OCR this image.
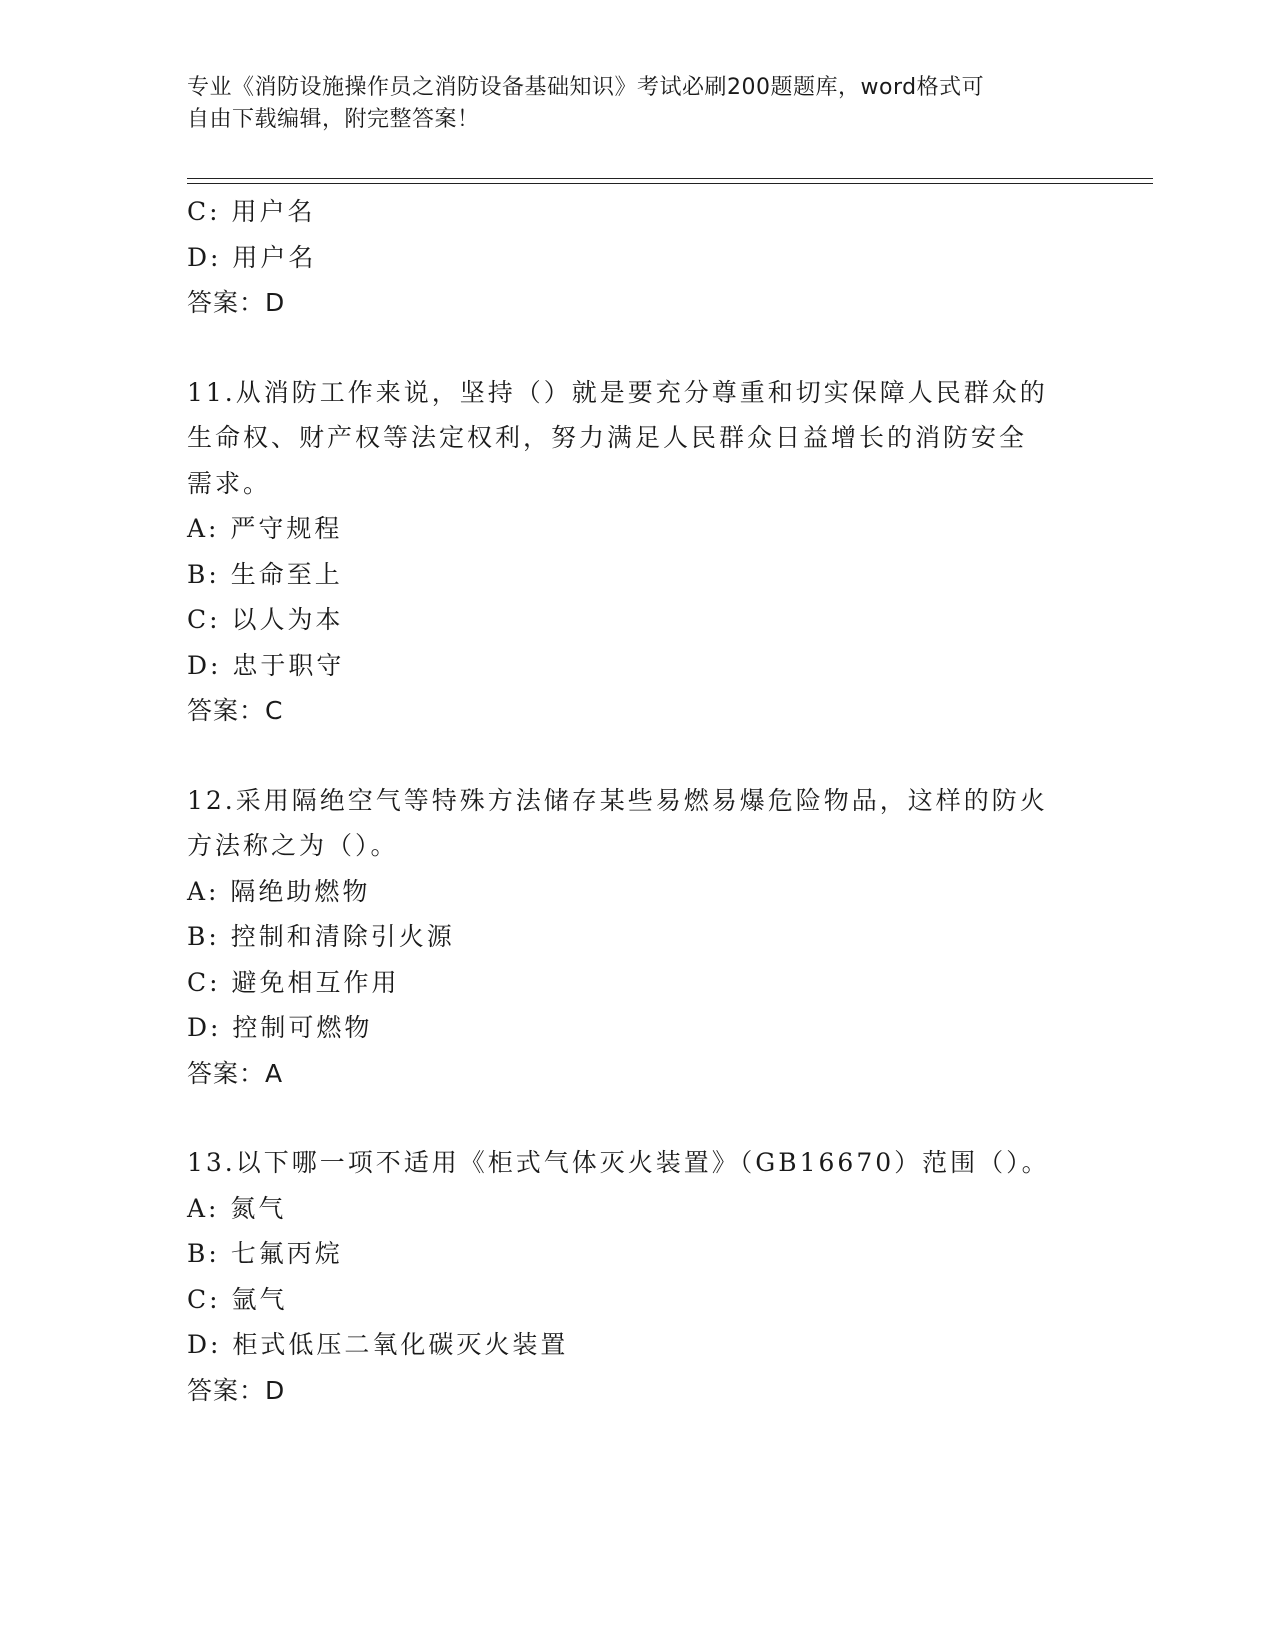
专业《消防设施操作员之消防设备基础知识》考试必刷200题题库，word格式可
自由下载编辑，附完整答案！
C: 用户名
D: 用户名
答案：D
11.从消防工作来说，坚持（）就是要充分尊重和切实保障人民群众的
生命权、财产权等法定权利，努力满足人民群众日益增长的消防安全
需求。
A: 严守规程
B: 生命至上
C: 以人为本
D: 忠于职守
答案：C
12.采用隔绝空气等特殊方法储存某些易燃易爆危险物品，这样的防火
方法称之为（）。
A: 隔绝助燃物
B: 控制和清除引火源
C: 避免相互作用
D: 控制可燃物
答案：A
13.以下哪一项不适用《柜式气体灭火装置》（GB16670）范围（）。
A: 氮气
B: 七氟丙烷
C: 氩气
D: 柜式低压二氧化碳灭火装置
答案：D
